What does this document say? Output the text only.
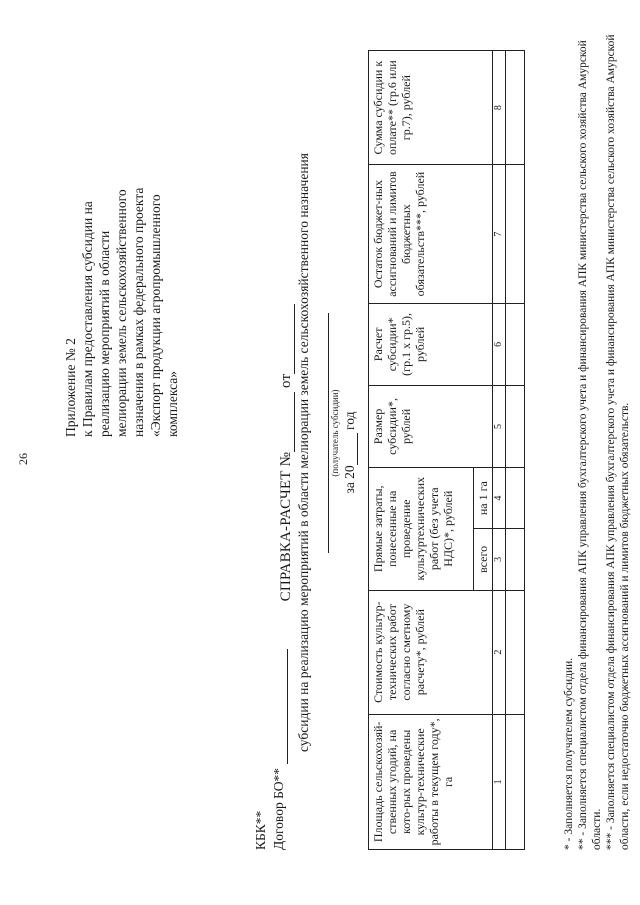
26
Приложение № 2 к Правилам предоставления субсидии на реализацию мероприятий в области мелиорации земель сельскохозяйственного назначения в рамках федерального проекта «Экспорт продукции агропромышленного комплекса»
КБК** Договор БО**
СПРАВКА-РАСЧЕТ № от субсидии на реализацию мероприятий в области мелиорации земель сельскохозяйственного назначения (получатель субсидии)
за 20 год
Площадь сельскохозяй-ственных угодий, на кото-рых проведены культур-технические работы в текущем году*, га	Стоимость культур-технических работ согласно сметному расчету*, рублей	Прямые затраты, понесенные на проведение культуртехнических работ (без учета НДС)*, рублей		Размер субсидии*, рублей	Расчет субсидии* (гр.1 х гр.5), рублей	Остаток бюджет-ных ассигнований и лимитов бюджетных обязательств***, рублей	Сумма субсидии к оплате** (гр.6 или гр.7), рублей
		всего	на 1 га				
1	2	3	4	5	6	7	8

* - Заполняется получателем субсидии. ** - Заполняется специалистом отдела финансирования АПК управления бухгалтерского учета и финансирования АПК министерства сельского хозяйства Амурской области. *** - Заполняется специалистом отдела финансирования АПК управления бухгалтерского учета и финансирования АПК министерства сельского хозяйства Амурской области, если недостаточно бюджетных ассигнований и лимитов бюджетных обязательств.
